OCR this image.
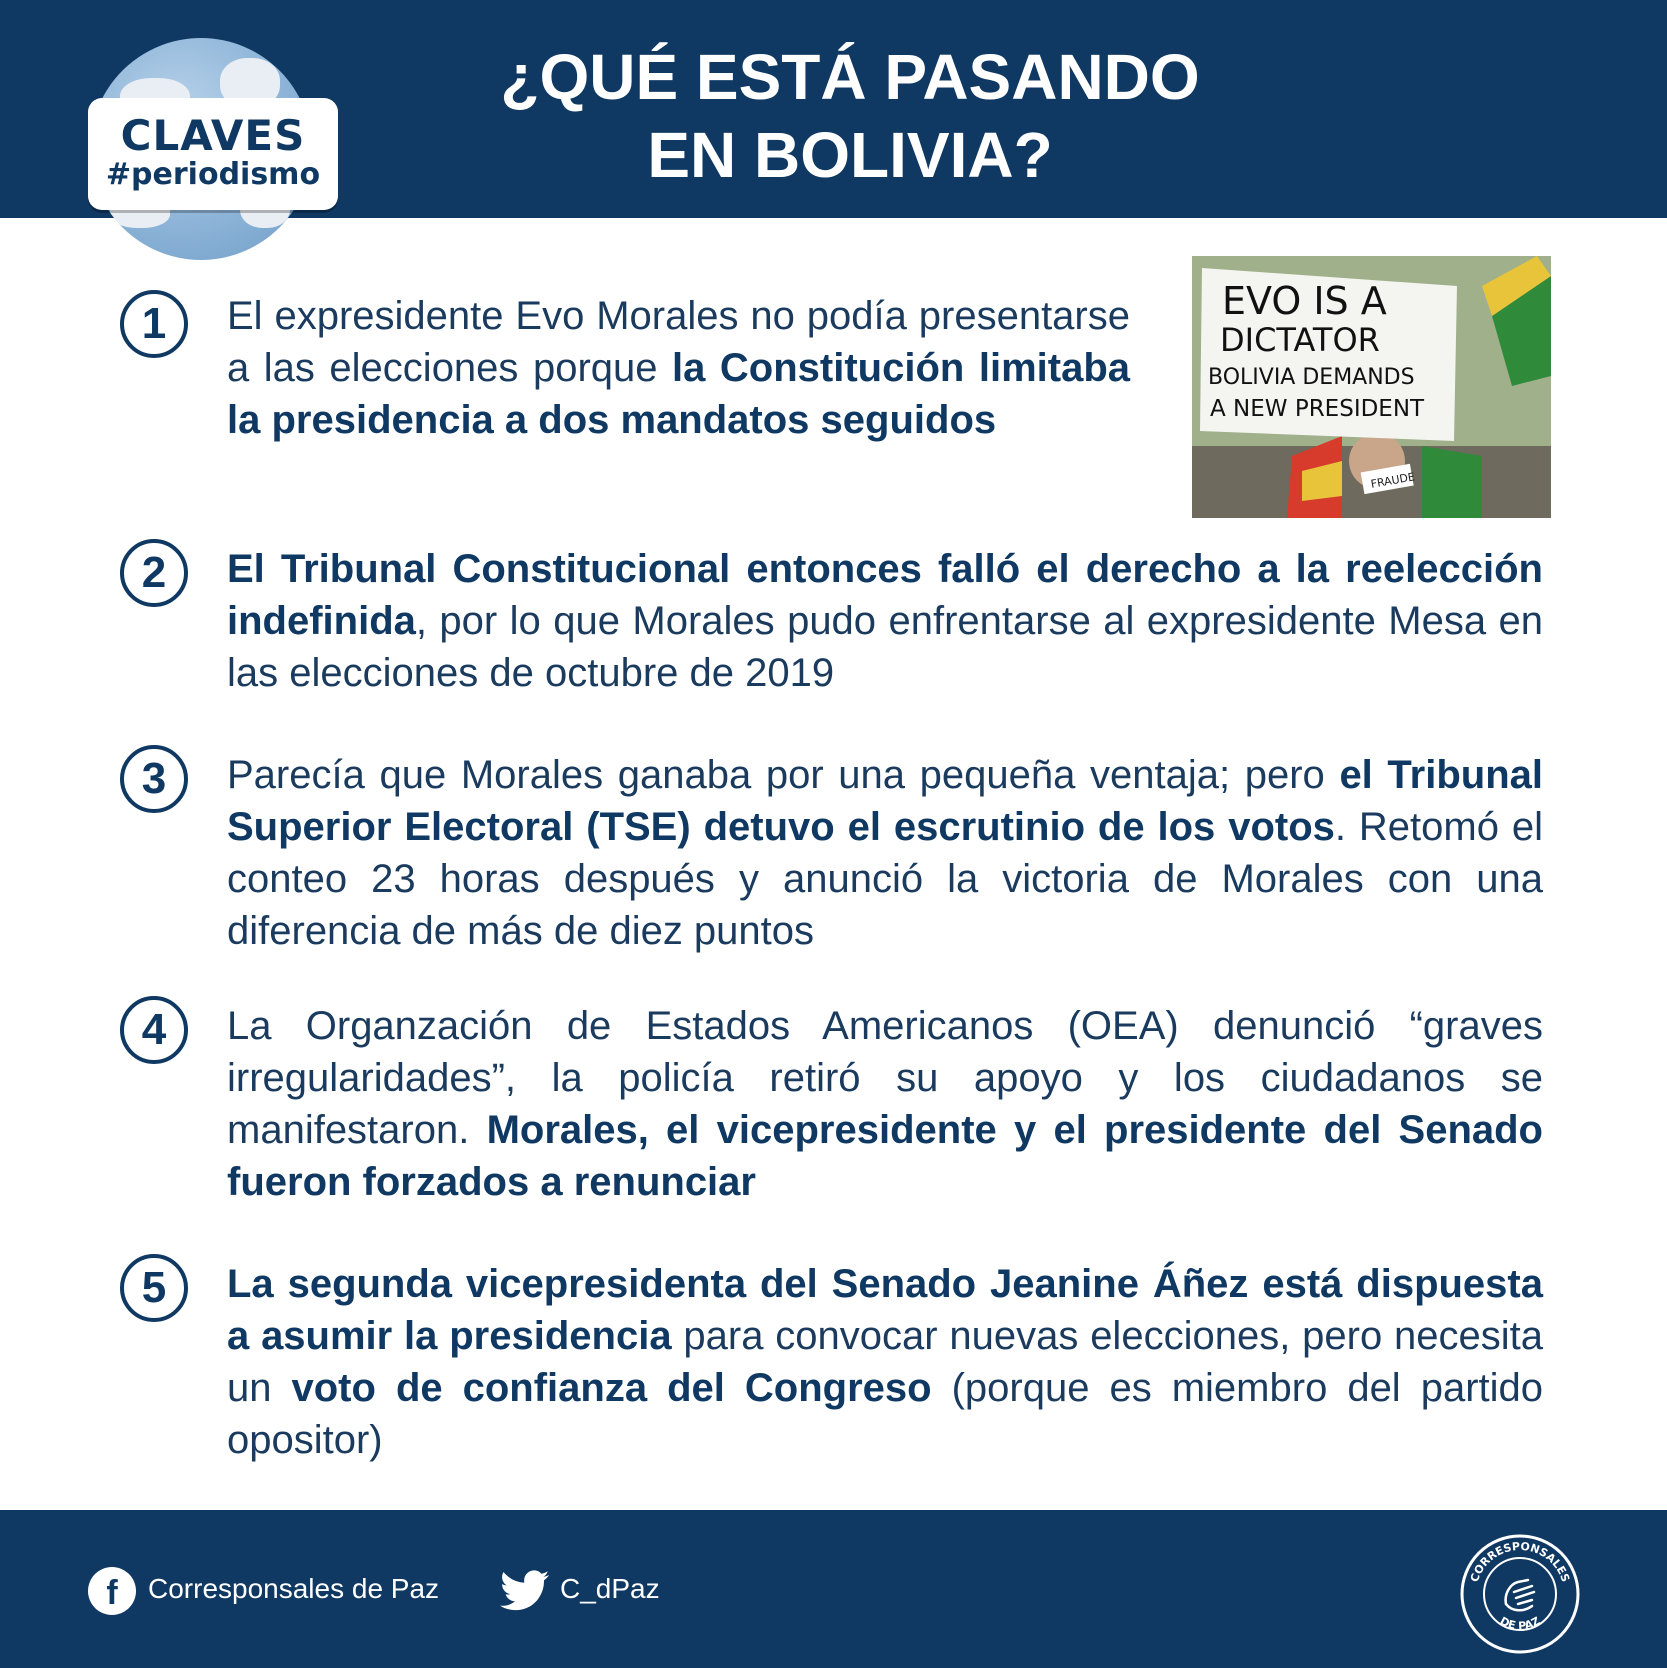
CLAVES
#periodismo
¿QUÉ ESTÁ PASANDO
EN BOLIVIA?
FRAUDE
EVO IS A
DICTATOR
BOLIVIA DEMANDS
A NEW PRESIDENT
1	El expresidente Evo Morales no podía presentarse a las elecciones porque la Constitución limitaba la presidencia a dos mandatos seguidos
2	El Tribunal Constitucional entonces falló el derecho a la reelección indefinida, por lo que Morales pudo enfrentarse al expresidente Mesa en las elecciones de octubre de 2019
3	Parecía que Morales ganaba por una pequeña ventaja; pero el Tribunal Superior Electoral (TSE) detuvo el escrutinio de los votos. Retomó el conteo 23 horas después y anunció la victoria de Morales con una diferencia de más de diez puntos
4	La Organzación de Estados Americanos (OEA) denunció “graves irregularidades”, la policía retiró su apoyo y los ciudadanos se manifestaron. Morales, el vicepresidente y el presidente del Senado fueron forzados a renunciar
5	La segunda vicepresidenta del Senado Jeanine Áñez está dispuesta a asumir la presidencia para convocar nuevas elecciones, pero necesita un voto de confianza del Congreso (porque es miembro del partido opositor)
f	Corresponsales de Paz	C_dPaz	CORRESPONSALES
DE PAZ
